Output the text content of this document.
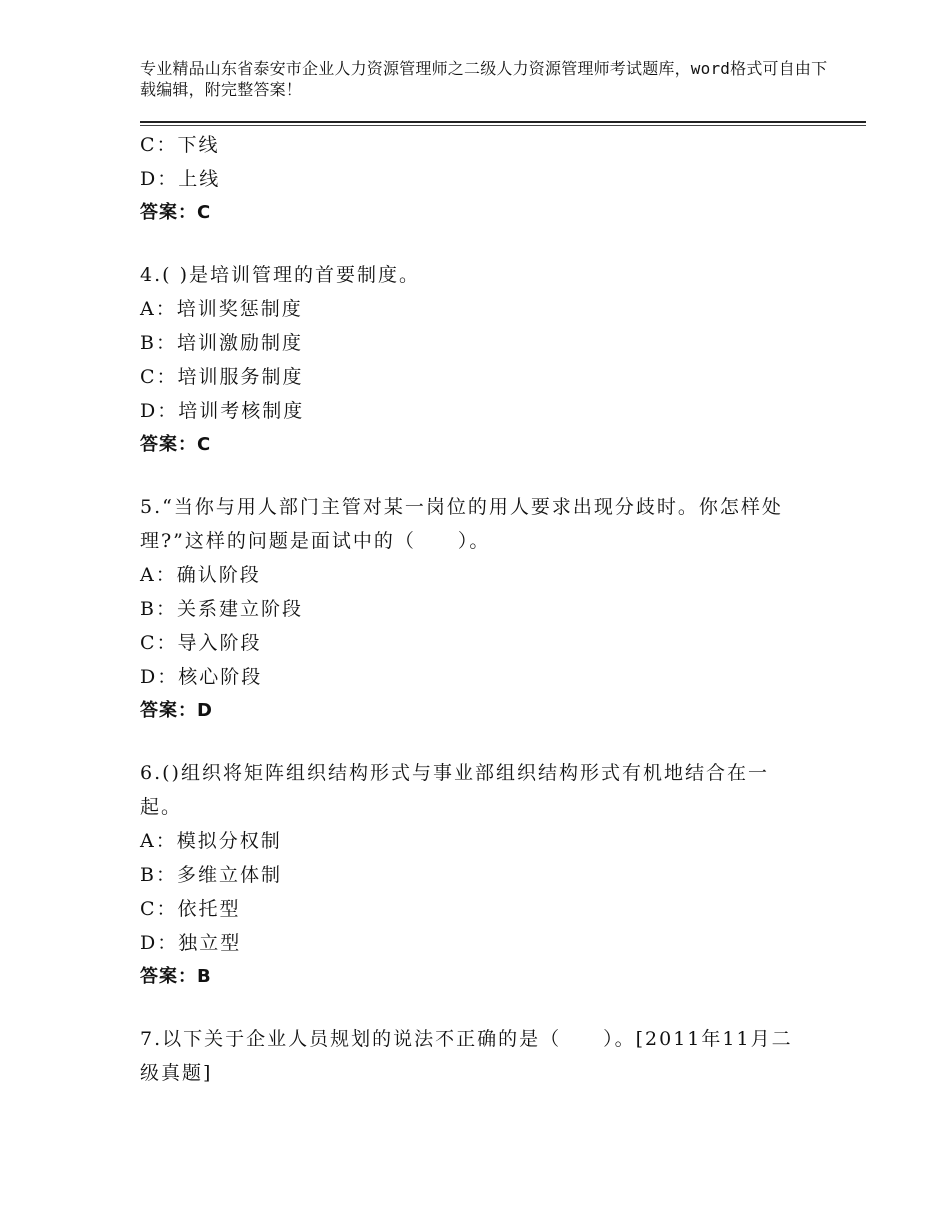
专业精品山东省泰安市企业人力资源管理师之二级人力资源管理师考试题库，word格式可自由下载编辑，附完整答案！
C：下线
D：上线
答案：C
4.( )是培训管理的首要制度。
A：培训奖惩制度
B：培训激励制度
C：培训服务制度
D：培训考核制度
答案：C
5.“当你与用人部门主管对某一岗位的用人要求出现分歧时。你怎样处理?”这样的问题是面试中的（　　）。
A：确认阶段
B：关系建立阶段
C：导入阶段
D：核心阶段
答案：D
6.()组织将矩阵组织结构形式与事业部组织结构形式有机地结合在一起。
A：模拟分权制
B：多维立体制
C：依托型
D：独立型
答案：B
7.以下关于企业人员规划的说法不正确的是（　　）。[2011年11月二级真题]
